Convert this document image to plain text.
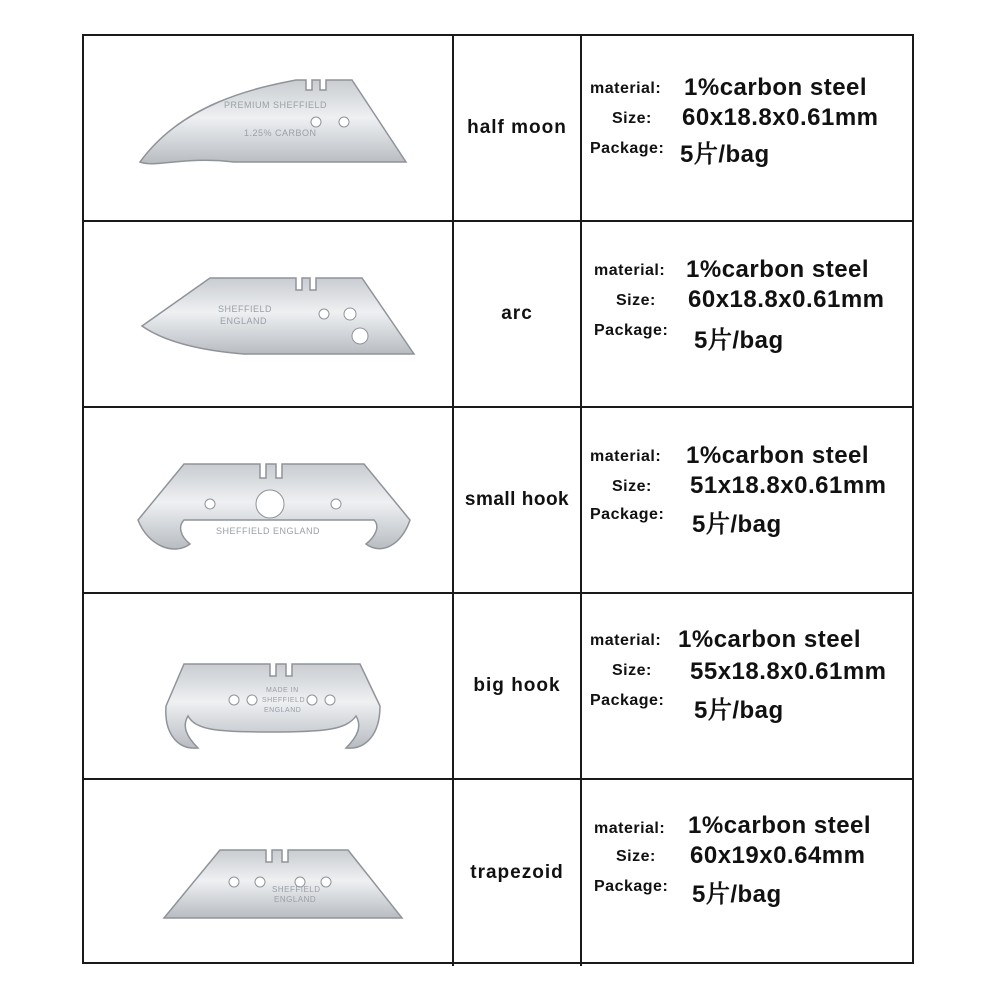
PREMIUM SHEFFIELD
1.25% CARBON	half moon
material: 1%carbon steel
Size: 60x18.8x0.61mm
Package: 5片/bag
SHEFFIELD
ENGLAND	arc
material: 1%carbon steel
Size: 60x18.8x0.61mm
Package: 5片/bag
SHEFFIELD ENGLAND
small hook
material: 1%carbon steel
Size: 51x18.8x0.61mm
Package: 5片/bag
MADE IN
SHEFFIELD
ENGLAND
big hook
material: 1%carbon steel
Size: 55x18.8x0.61mm
Package: 5片/bag
SHEFFIELD
ENGLAND
trapezoid
material: 1%carbon steel
Size: 60x19x0.64mm
Package: 5片/bag
